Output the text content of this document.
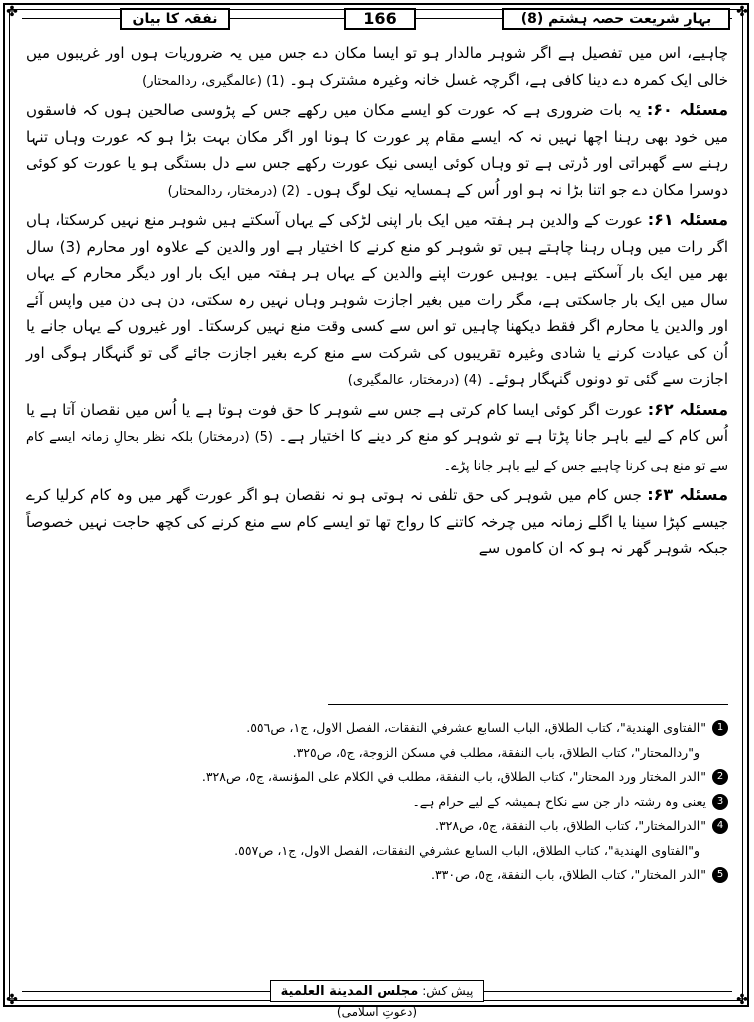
✤	✤
✤	✤
نفقہ کا بیان	166	بہارِ شریعت حصہ ہشتم (8)

چاہیے، اس میں تفصیل ہے اگر شوہر مالدار ہو تو ایسا مکان دے جس میں یہ ضروریات ہوں اور غریبوں میں خالی ایک کمرہ دے دینا کافی ہے، اگرچہ غسل خانہ وغیرہ مشترک ہو۔ (1) (عالمگیری، ردالمحتار)

مسئلہ ۶۰: یہ بات ضروری ہے کہ عورت کو ایسے مکان میں رکھے جس کے پڑوسی صالحین ہوں کہ فاسقوں میں خود بھی رہنا اچھا نہیں نہ کہ ایسے مقام پر عورت کا ہونا اور اگر مکان بہت بڑا ہو کہ عورت وہاں تنہا رہنے سے گھبراتی اور ڈرتی ہے تو وہاں کوئی ایسی نیک عورت رکھے جس سے دل بستگی ہو یا عورت کو کوئی دوسرا مکان دے جو اتنا بڑا نہ ہو اور اُس کے ہمسایہ نیک لوگ ہوں۔ (2) (درمختار، ردالمحتار)

مسئلہ ۶۱: عورت کے والدین ہر ہفتہ میں ایک بار اپنی لڑکی کے یہاں آسکتے ہیں شوہر منع نہیں کرسکتا، ہاں اگر رات میں وہاں رہنا چاہتے ہیں تو شوہر کو منع کرنے کا اختیار ہے اور والدین کے علاوہ اور محارم (3) سال بھر میں ایک بار آسکتے ہیں۔ یوہیں عورت اپنے والدین کے یہاں ہر ہفتہ میں ایک بار اور دیگر محارم کے یہاں سال میں ایک بار جاسکتی ہے، مگر رات میں بغیر اجازت شوہر وہاں نہیں رہ سکتی، دن ہی دن میں واپس آئے اور والدین یا محارم اگر فقط دیکھنا چاہیں تو اس سے کسی وقت منع نہیں کرسکتا۔ اور غیروں کے یہاں جانے یا اُن کی عیادت کرنے یا شادی وغیرہ تقریبوں کی شرکت سے منع کرے بغیر اجازت جائے گی تو گنہگار ہوگی اور اجازت سے گئی تو دونوں گنہگار ہوئے۔ (4) (درمختار، عالمگیری)

مسئلہ ۶۲: عورت اگر کوئی ایسا کام کرتی ہے جس سے شوہر کا حق فوت ہوتا ہے یا اُس میں نقصان آتا ہے یا اُس کام کے لیے باہر جانا پڑتا ہے تو شوہر کو منع کر دینے کا اختیار ہے۔ (5) (درمختار) بلکہ نظر بحالِ زمانہ ایسے کام سے تو منع ہی کرنا چاہیے جس کے لیے باہر جانا پڑے۔

مسئلہ ۶۳: جس کام میں شوہر کی حق تلفی نہ ہوتی ہو نہ نقصان ہو اگر عورت گھر میں وہ کام کرلیا کرے جیسے کپڑا سینا یا اگلے زمانہ میں چرخہ کاتنے کا رواج تھا تو ایسے کام سے منع کرنے کی کچھ حاجت نہیں خصوصاً جبکہ شوہر گھر نہ ہو کہ ان کاموں سے

1
"الفتاوی الهندية"، كتاب الطلاق، الباب السابع عشرفي النفقات، الفصل الاول، ج١، ص٥٥٦.
و"ردالمحتار"، كتاب الطلاق، باب النفقة، مطلب في مسكن الزوجة، ج٥، ص٣٢٥.
2
"الدر المختار ورد المحتار"، كتاب الطلاق، باب النفقة، مطلب في الكلام على المؤنسة، ج٥، ص٣٢٨.
3
یعنی وہ رشتہ دار جن سے نکاح ہمیشہ کے لیے حرام ہے۔
4
"الدرالمختار"، كتاب الطلاق، باب النفقة، ج٥، ص٣٢٨.
و"الفتاوی الهندية"، كتاب الطلاق، الباب السابع عشرفي النفقات، الفصل الاول، ج١، ص٥٥٧.
5
"الدر المختار"، كتاب الطلاق، باب النفقة، ج٥، ص٣٣٠.
پیش کش: مجلس المدينة العلمية (دعوتِ اسلامی)
